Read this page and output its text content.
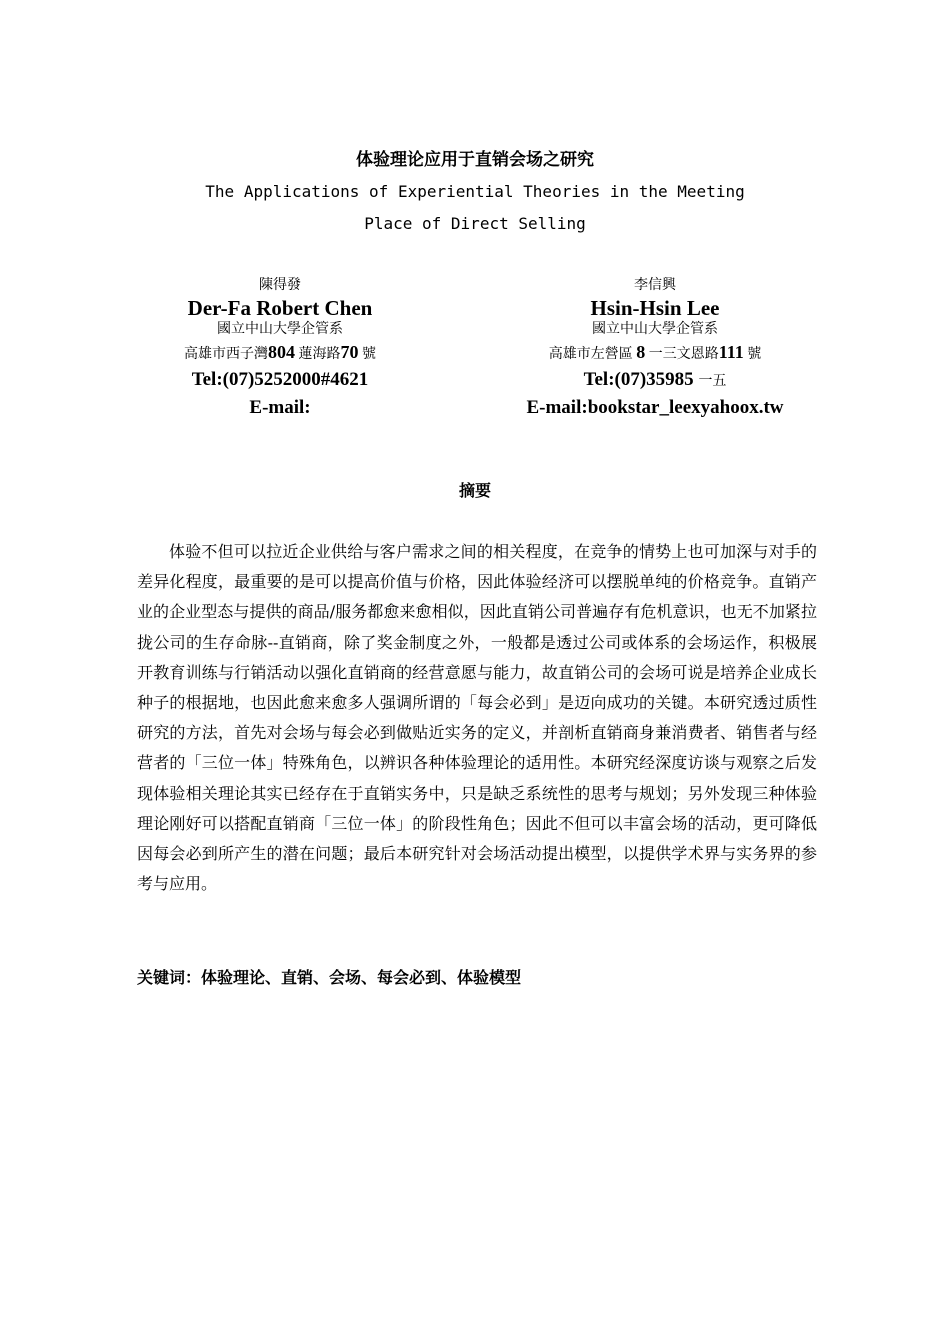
体验理论应用于直销会场之研究
The Applications of Experiential Theories in the Meeting
Place of Direct Selling
陳得發
Der-Fa Robert Chen
國立中山大學企管系
高雄市西子灣804 蓮海路70 號
Tel:(07)5252000#4621
E-mail:
李信興
Hsin-Hsin Lee
國立中山大學企管系
高雄市左營區 8 一三文恩路111 號
Tel:(07)35985 一五
E-mail:bookstar_leexyahoox.tw
摘要

体验不但可以拉近企业供给与客户需求之间的相关程度，在竞争的情势上也可加深与对手的差异化程度，最重要的是可以提高价值与价格，因此体验经济可以摆脱单纯的价格竞争。直销产业的企业型态与提供的商品/服务都愈来愈相似，因此直销公司普遍存有危机意识，也无不加紧拉拢公司的生存命脉--直销商，除了奖金制度之外，一般都是透过公司或体系的会场运作，积极展开教育训练与行销活动以强化直销商的经营意愿与能力，故直销公司的会场可说是培养企业成长种子的根据地，也因此愈来愈多人强调所谓的「每会必到」是迈向成功的关键。本研究透过质性研究的方法，首先对会场与每会必到做贴近实务的定义，并剖析直销商身兼消费者、销售者与经营者的「三位一体」特殊角色，以辨识各种体验理论的适用性。本研究经深度访谈与观察之后发现体验相关理论其实已经存在于直销实务中，只是缺乏系统性的思考与规划；另外发现三种体验理论刚好可以搭配直销商「三位一体」的阶段性角色；因此不但可以丰富会场的活动，更可降低因每会必到所产生的潜在问题；最后本研究针对会场活动提出模型，以提供学术界与实务界的参考与应用。

关键词：体验理论、直销、会场、每会必到、体验模型
